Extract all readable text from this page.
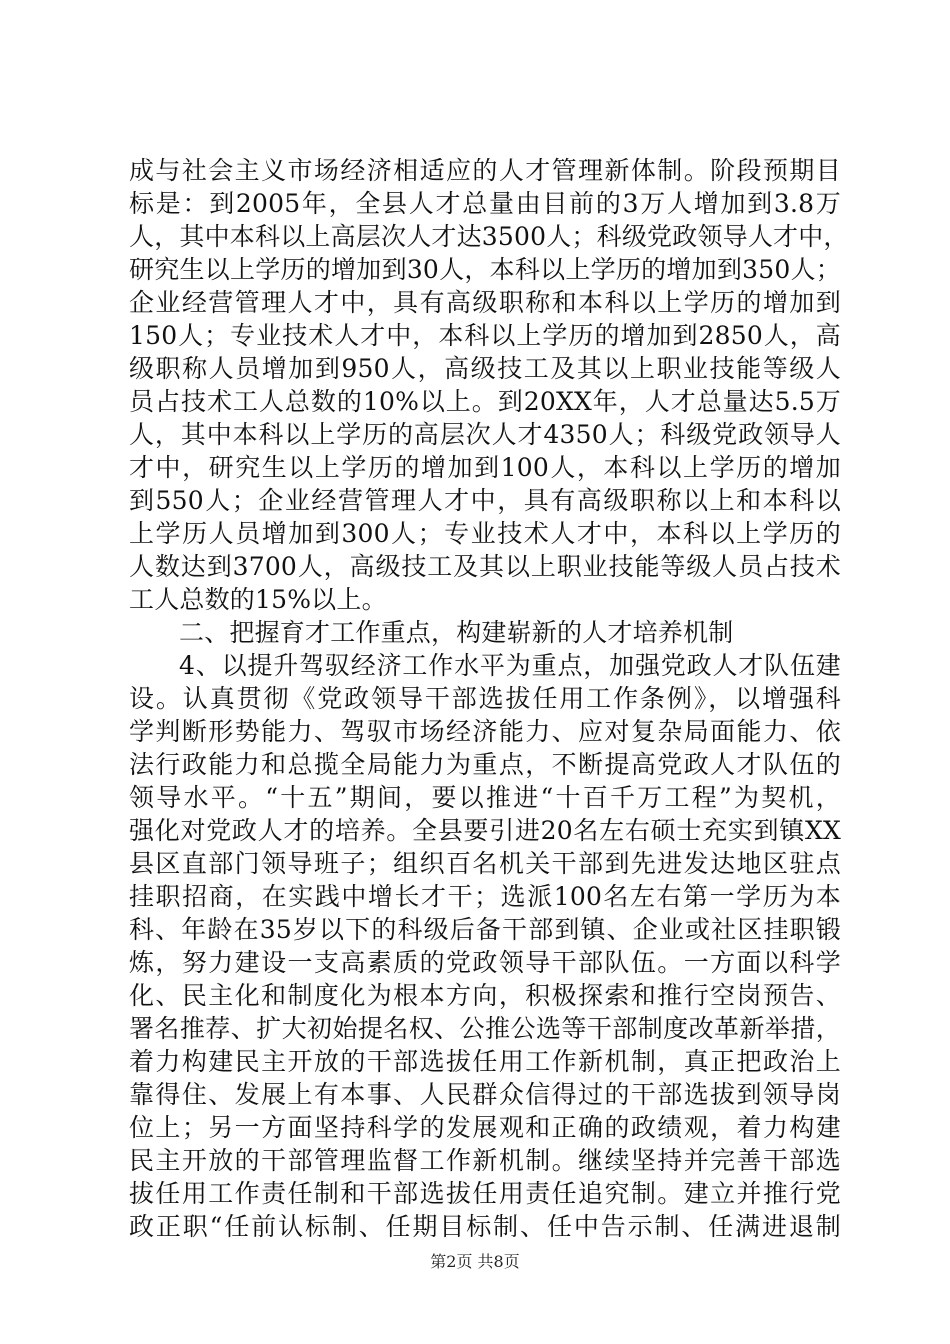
成与社会主义市场经济相适应的人才管理新体制。阶段预期目
标是：到2005年，全县人才总量由目前的3万人增加到3.8万
人，其中本科以上高层次人才达3500人；科级党政领导人才中，
研究生以上学历的增加到30人，本科以上学历的增加到350人；
企业经营管理人才中，具有高级职称和本科以上学历的增加到
150人；专业技术人才中，本科以上学历的增加到2850人，高
级职称人员增加到950人，高级技工及其以上职业技能等级人
员占技术工人总数的10%以上。到20XX年，人才总量达5.5万
人，其中本科以上学历的高层次人才4350人；科级党政领导人
才中，研究生以上学历的增加到100人，本科以上学历的增加
到550人；企业经营管理人才中，具有高级职称以上和本科以
上学历人员增加到300人；专业技术人才中，本科以上学历的
人数达到3700人，高级技工及其以上职业技能等级人员占技术
工人总数的15%以上。
二、把握育才工作重点，构建崭新的人才培养机制
4、以提升驾驭经济工作水平为重点，加强党政人才队伍建
设。认真贯彻《党政领导干部选拔任用工作条例》，以增强科
学判断形势能力、驾驭市场经济能力、应对复杂局面能力、依
法行政能力和总揽全局能力为重点，不断提高党政人才队伍的
领导水平。“十五”期间，要以推进“十百千万工程”为契机，
强化对党政人才的培养。全县要引进20名左右硕士充实到镇XX
县区直部门领导班子；组织百名机关干部到先进发达地区驻点
挂职招商，在实践中增长才干；选派100名左右第一学历为本
科、年龄在35岁以下的科级后备干部到镇、企业或社区挂职锻
炼，努力建设一支高素质的党政领导干部队伍。一方面以科学
化、民主化和制度化为根本方向，积极探索和推行空岗预告、
署名推荐、扩大初始提名权、公推公选等干部制度改革新举措，
着力构建民主开放的干部选拔任用工作新机制，真正把政治上
靠得住、发展上有本事、人民群众信得过的干部选拔到领导岗
位上；另一方面坚持科学的发展观和正确的政绩观，着力构建
民主开放的干部管理监督工作新机制。继续坚持并完善干部选
拔任用工作责任制和干部选拔任用责任追究制。建立并推行党
政正职“任前认标制、任期目标制、任中告示制、任满进退制
第2页 共8页
